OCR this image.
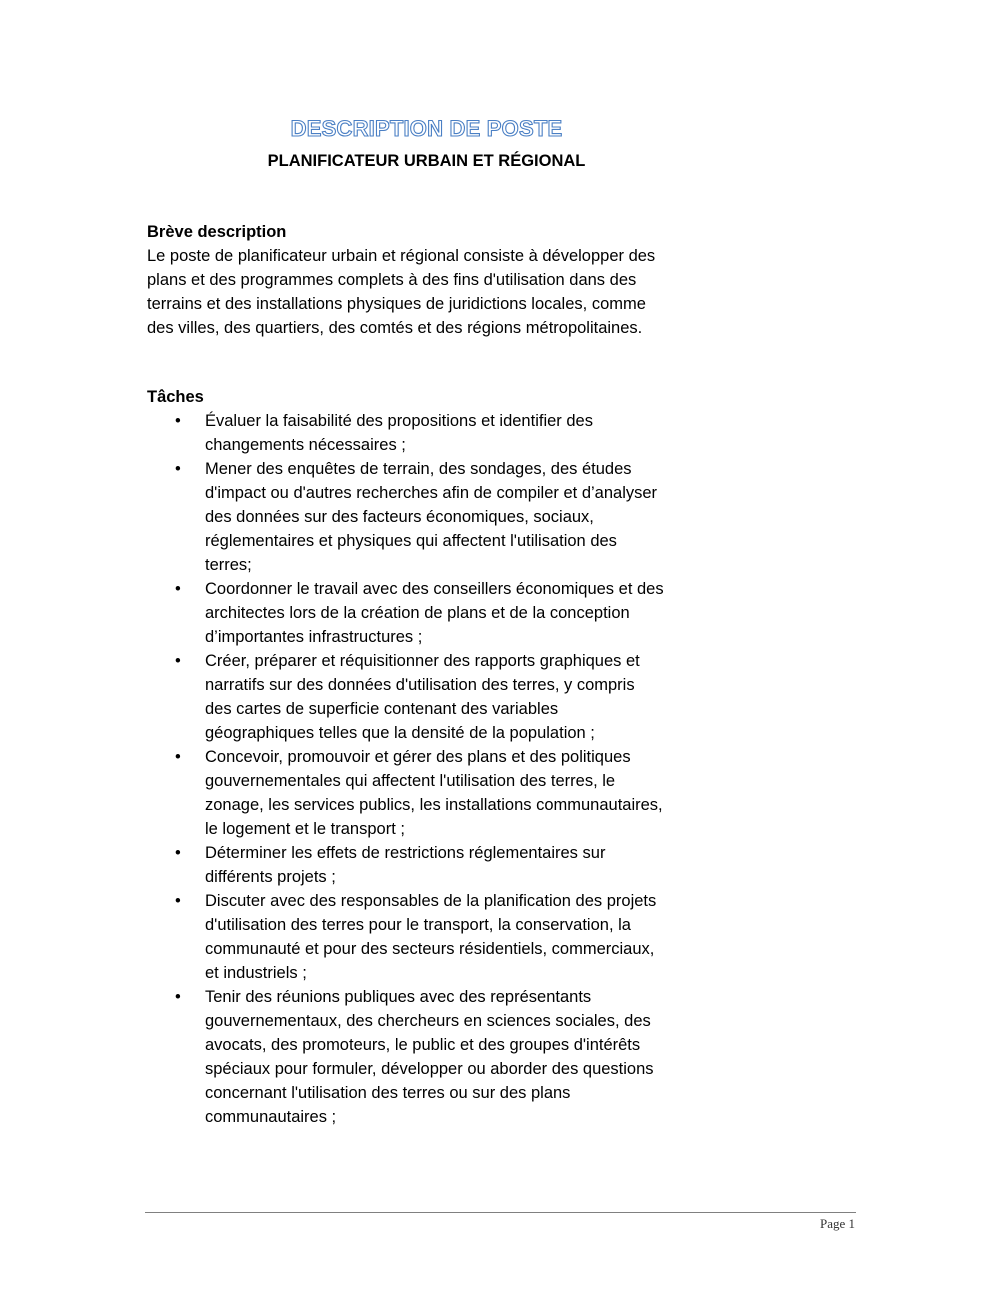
DESCRIPTION DE POSTE
PLANIFICATEUR URBAIN ET RÉGIONAL

Brève description

Le poste de planificateur urbain et régional consiste à développer des

plans et des programmes complets à des fins d'utilisation dans des

terrains et des installations physiques de juridictions locales, comme

des villes, des quartiers, des comtés et des régions métropolitaines.

Tâches

• Évaluer la faisabilité des propositions et identifier des
changements nécessaires ;
• Mener des enquêtes de terrain, des sondages, des études
d'impact ou d'autres recherches afin de compiler et d’analyser
des données sur des facteurs économiques, sociaux,
réglementaires et physiques qui affectent l'utilisation des
terres;
• Coordonner le travail avec des conseillers économiques et des
architectes lors de la création de plans et de la conception
d’importantes infrastructures ;
• Créer, préparer et réquisitionner des rapports graphiques et
narratifs sur des données d'utilisation des terres, y compris
des cartes de superficie contenant des variables
géographiques telles que la densité de la population ;
• Concevoir, promouvoir et gérer des plans et des politiques
gouvernementales qui affectent l'utilisation des terres, le
zonage, les services publics, les installations communautaires,
le logement et le transport ;
• Déterminer les effets de restrictions réglementaires sur
différents projets ;
• Discuter avec des responsables de la planification des projets
d'utilisation des terres pour le transport, la conservation, la
communauté et pour des secteurs résidentiels, commerciaux,
et industriels ;
• Tenir des réunions publiques avec des représentants
gouvernementaux, des chercheurs en sciences sociales, des
avocats, des promoteurs, le public et des groupes d'intérêts
spéciaux pour formuler, développer ou aborder des questions
concernant l'utilisation des terres ou sur des plans
communautaires ;
Page 1
